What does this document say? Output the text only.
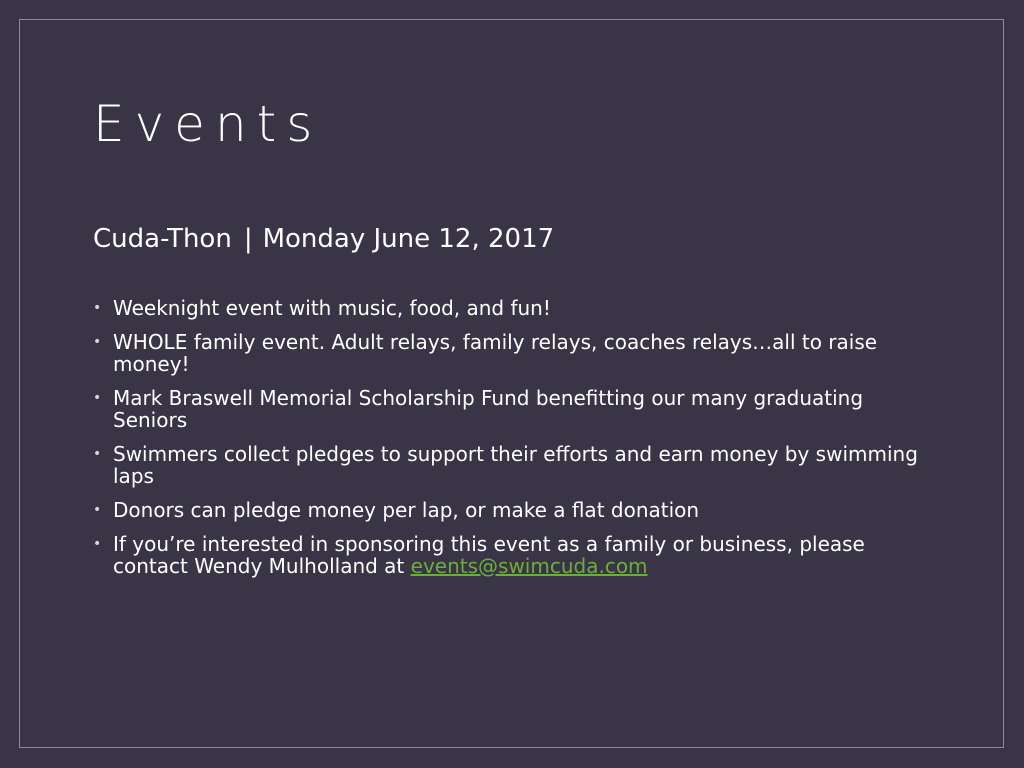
Events
Cuda-Thon | Monday June 12, 2017
• Weeknight event with music, food, and fun!
• WHOLE family event. Adult relays, family relays, coaches relays…all to raise money!
• Mark Braswell Memorial Scholarship Fund benefitting our many graduating Seniors
• Swimmers collect pledges to support their efforts and earn money by swimming laps
• Donors can pledge money per lap, or make a flat donation
• If you’re interested in sponsoring this event as a family or business, please contact Wendy Mulholland at events@swimcuda.com
